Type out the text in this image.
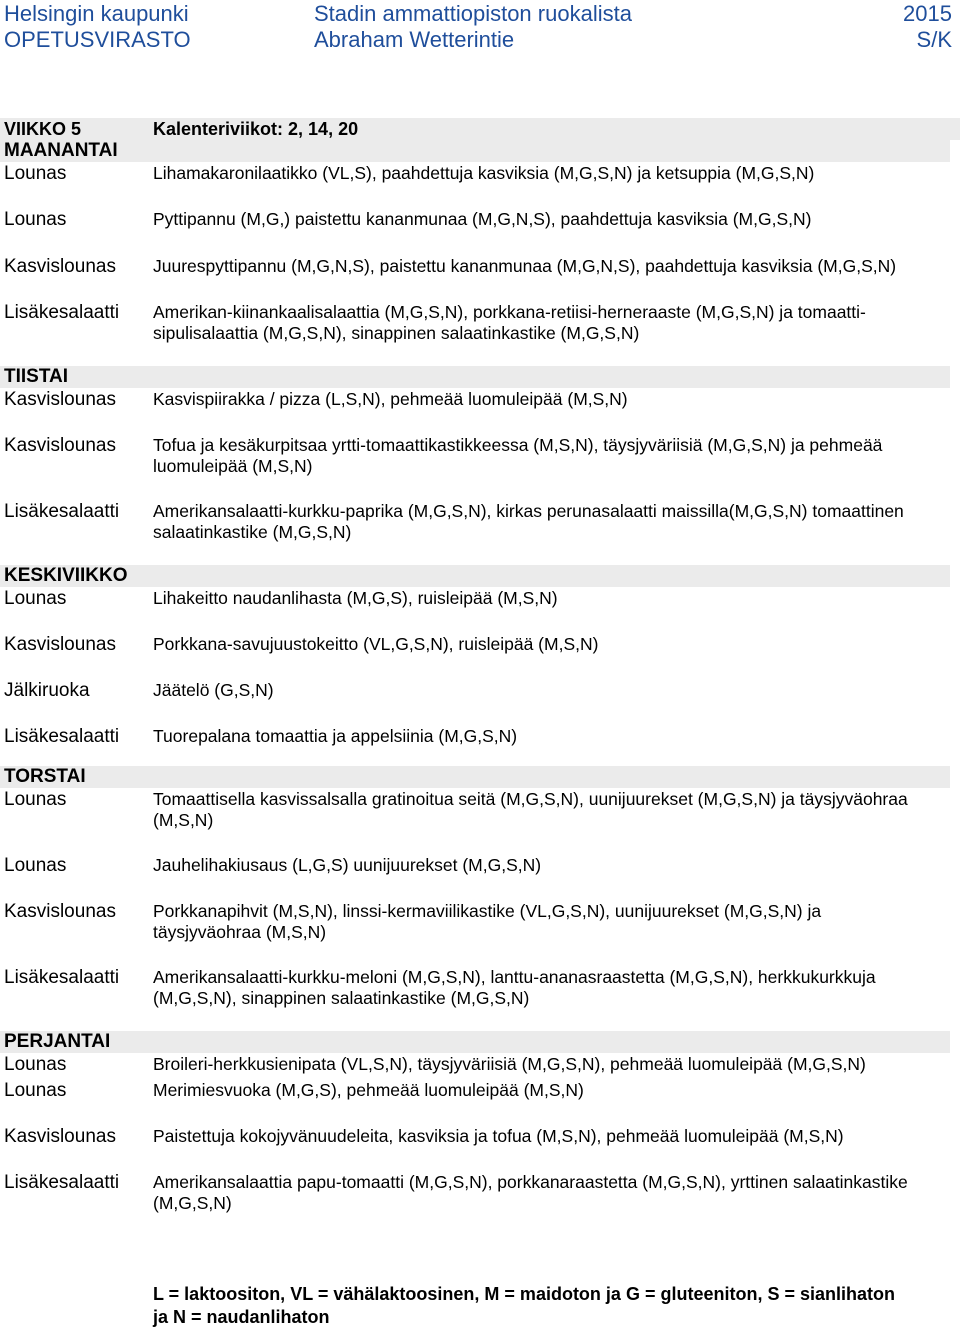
Helsingin kaupunki	Stadin ammattiopiston ruokalista	2015
OPETUSVIRASTO	Abraham Wetterintie	S/K
VIIKKO 5	Kalenteriviikot: 2, 14, 20
MAANANTAI
Lounas	Lihamakaronilaatikko (VL,S), paahdettuja kasviksia (M,G,S,N) ja ketsuppia (M,G,S,N)
Lounas	Pyttipannu (M,G,) paistettu kananmunaa (M,G,N,S), paahdettuja kasviksia (M,G,S,N)
Kasvislounas	Juurespyttipannu (M,G,N,S), paistettu kananmunaa (M,G,N,S), paahdettuja kasviksia (M,G,S,N)
Lisäkesalaatti	Amerikan-kiinankaalisalaattia (M,G,S,N), porkkana-retiisi-herneraaste (M,G,S,N) ja tomaatti-sipulisalaattia (M,G,S,N), sinappinen salaatinkastike (M,G,S,N)
TIISTAI
Kasvislounas	Kasvispiirakka / pizza (L,S,N), pehmeää luomuleipää (M,S,N)
Kasvislounas	Tofua ja kesäkurpitsaa yrtti-tomaattikastikkeessa (M,S,N), täysjyväriisiä (M,G,S,N) ja pehmeää luomuleipää (M,S,N)
Lisäkesalaatti	Amerikansalaatti-kurkku-paprika (M,G,S,N), kirkas perunasalaatti maissilla(M,G,S,N) tomaattinen salaatinkastike (M,G,S,N)
KESKIVIIKKO
Lounas	Lihakeitto naudanlihasta (M,G,S), ruisleipää (M,S,N)
Kasvislounas	Porkkana-savujuustokeitto (VL,G,S,N), ruisleipää (M,S,N)
Jälkiruoka	Jäätelö (G,S,N)
Lisäkesalaatti	Tuorepalana tomaattia ja appelsiinia (M,G,S,N)
TORSTAI
Lounas	Tomaattisella kasvissalsalla gratinoitua seitä (M,G,S,N), uunijuurekset (M,G,S,N) ja täysjyväohraa (M,S,N)
Lounas	Jauhelihakiusaus (L,G,S) uunijuurekset (M,G,S,N)
Kasvislounas	Porkkanapihvit (M,S,N), linssi-kermaviilikastike (VL,G,S,N), uunijuurekset (M,G,S,N) ja täysjyväohraa (M,S,N)
Lisäkesalaatti	Amerikansalaatti-kurkku-meloni (M,G,S,N), lanttu-ananasraastetta (M,G,S,N), herkkukurkkuja (M,G,S,N), sinappinen salaatinkastike (M,G,S,N)
PERJANTAI
Lounas	Broileri-herkkusienipata (VL,S,N), täysjyväriisiä (M,G,S,N), pehmeää luomuleipää (M,G,S,N)
Lounas	Merimiesvuoka (M,G,S), pehmeää luomuleipää (M,S,N)
Kasvislounas	Paistettuja kokojyvänuudeleita, kasviksia ja tofua (M,S,N), pehmeää luomuleipää (M,S,N)
Lisäkesalaatti	Amerikansalaattia papu-tomaatti (M,G,S,N), porkkanaraastetta (M,G,S,N), yrttinen salaatinkastike (M,G,S,N)
L = laktoositon, VL = vähälaktoosinen, M = maidoton ja G = gluteeniton, S = sianlihaton ja N = naudanlihaton
